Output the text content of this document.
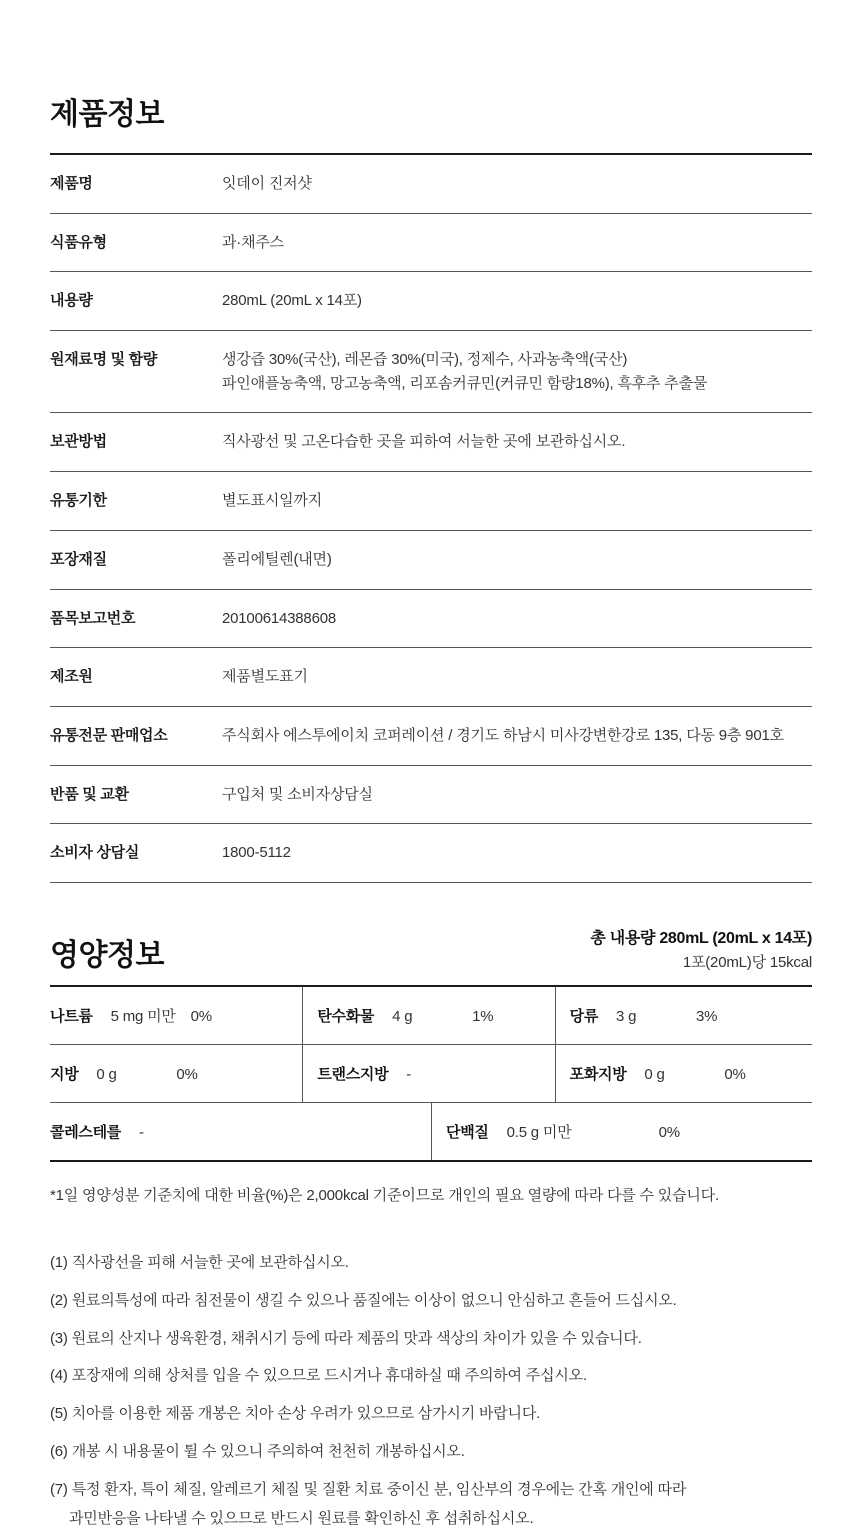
제품정보
제품명	잇데이 진저샷
식품유형	과·채주스
내용량	280mL (20mL x 14포)
원재료명 및 함량	생강즙 30%(국산), 레몬즙 30%(미국), 정제수, 사과농축액(국산)
파인애플농축액, 망고농축액, 리포솜커큐민(커큐민 함량18%), 흑후추 추출물
보관방법	직사광선 및 고온다습한 곳을 피하여 서늘한 곳에 보관하십시오.
유통기한	별도표시일까지
포장재질	폴리에틸렌(내면)
품목보고번호	20100614388608
제조원	제품별도표기
유통전문 판매업소	주식회사 에스투에이치 코퍼레이션 / 경기도 하남시 미사강변한강로 135, 다동 9층 901호
반품 및 교환	구입처 및 소비자상담실
소비자 상담실	1800-5112
영양정보
총 내용량 280mL (20mL x 14포)
1포(20mL)당 15kcal
나트륨 5 mg 미만 0%	탄수화물 4 g	1%	당류 3 g	3%
지방 0 g	0%	트랜스지방 -	포화지방 0 g	0%
콜레스테를 -	단백질 0.5 g 미만	0%
*1일 영양성분 기준치에 대한 비율(%)은 2,000kcal 기준이므로 개인의 필요 열량에 따라 다를 수 있습니다.
(1) 직사광선을 피해 서늘한 곳에 보관하십시오.
(2) 원료의특성에 따라 침전물이 생길 수 있으나 품질에는 이상이 없으니 안심하고 흔들어 드십시오.
(3) 원료의 산지나 생육환경, 채취시기 등에 따라 제품의 맛과 색상의 차이가 있을 수 있습니다.
(4) 포장재에 의해 상처를 입을 수 있으므로 드시거나 휴대하실 때 주의하여 주십시오.
(5) 치아를 이용한 제품 개봉은 치아 손상 우려가 있으므로 삼가시기 바랍니다.
(6) 개봉 시 내용물이 튈 수 있으니 주의하여 천천히 개봉하십시오.
(7) 특정 환자, 특이 체질, 알레르기 체질 및 질환 치료 중이신 분, 임산부의 경우에는 간혹 개인에 따라
과민반응을 나타낼 수 있으므로 반드시 원료를 확인하신 후 섭취하십시오.
